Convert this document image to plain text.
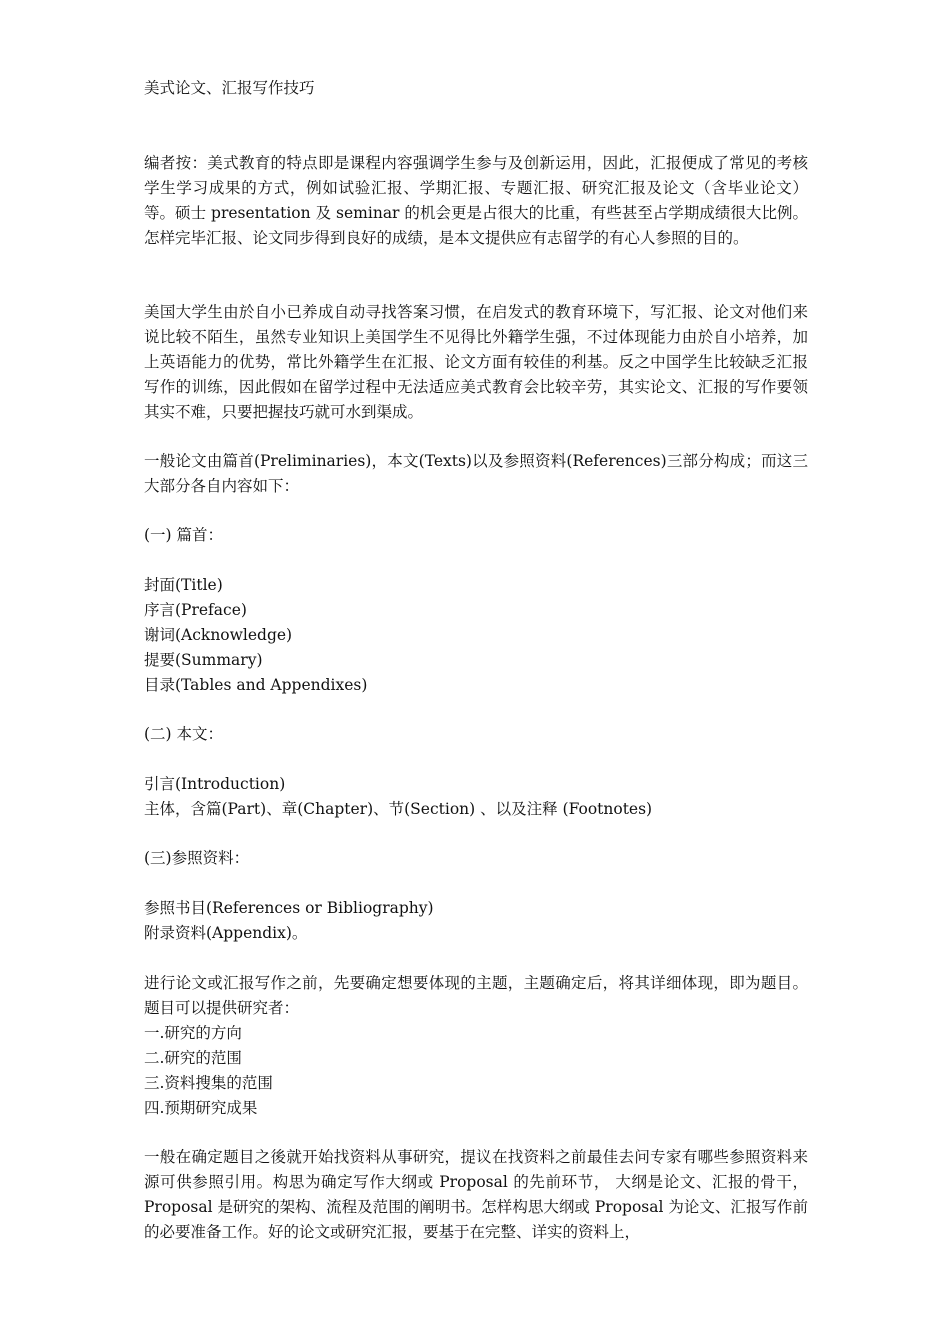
美式论文、汇报写作技巧
编者按：美式教育的特点即是课程内容强调学生参与及创新运用，因此，汇报便成了常见的考核学生学习成果的方式，例如试验汇报、学期汇报、专题汇报、研究汇报及论文（含毕业论文）等。硕士 presentation 及 seminar 的机会更是占很大的比重，有些甚至占学期成绩很大比例。怎样完毕汇报、论文同步得到良好的成绩，是本文提供应有志留学的有心人参照的目的。
美国大学生由於自小已养成自动寻找答案习惯，在启发式的教育环境下，写汇报、论文对他们来说比较不陌生，虽然专业知识上美国学生不见得比外籍学生强，不过体现能力由於自小培养，加上英语能力的优势，常比外籍学生在汇报、论文方面有较佳的利基。反之中国学生比较缺乏汇报写作的训练，因此假如在留学过程中无法适应美式教育会比较辛劳，其实论文、汇报的写作要领其实不难，只要把握技巧就可水到渠成。
一般论文由篇首(Preliminaries)，本文(Texts)以及参照资料(References)三部分构成；而这三大部分各自内容如下：
(一) 篇首：
封面(Title)
序言(Preface)
谢词(Acknowledge)
提要(Summary)
目录(Tables and Appendixes)
(二) 本文：
引言(Introduction)
主体，含篇(Part)、章(Chapter)、节(Section) 、以及注释 (Footnotes)
(三)参照资料：
参照书目(References or Bibliography)
附录资料(Appendix)。
进行论文或汇报写作之前，先要确定想要体现的主题，主题确定后，将其详细体现，即为题目。题目可以提供研究者：
一.研究的方向
二.研究的范围
三.资料搜集的范围
四.预期研究成果
一般在确定题目之後就开始找资料从事研究，提议在找资料之前最佳去问专家有哪些参照资料来源可供参照引用。构思为确定写作大纲或 Proposal 的先前环节， 大纲是论文、汇报的骨干， Proposal 是研究的架构、流程及范围的阐明书。怎样构思大纲或 Proposal 为论文、汇报写作前的必要准备工作。好的论文或研究汇报，要基于在完整、详实的资料上，
